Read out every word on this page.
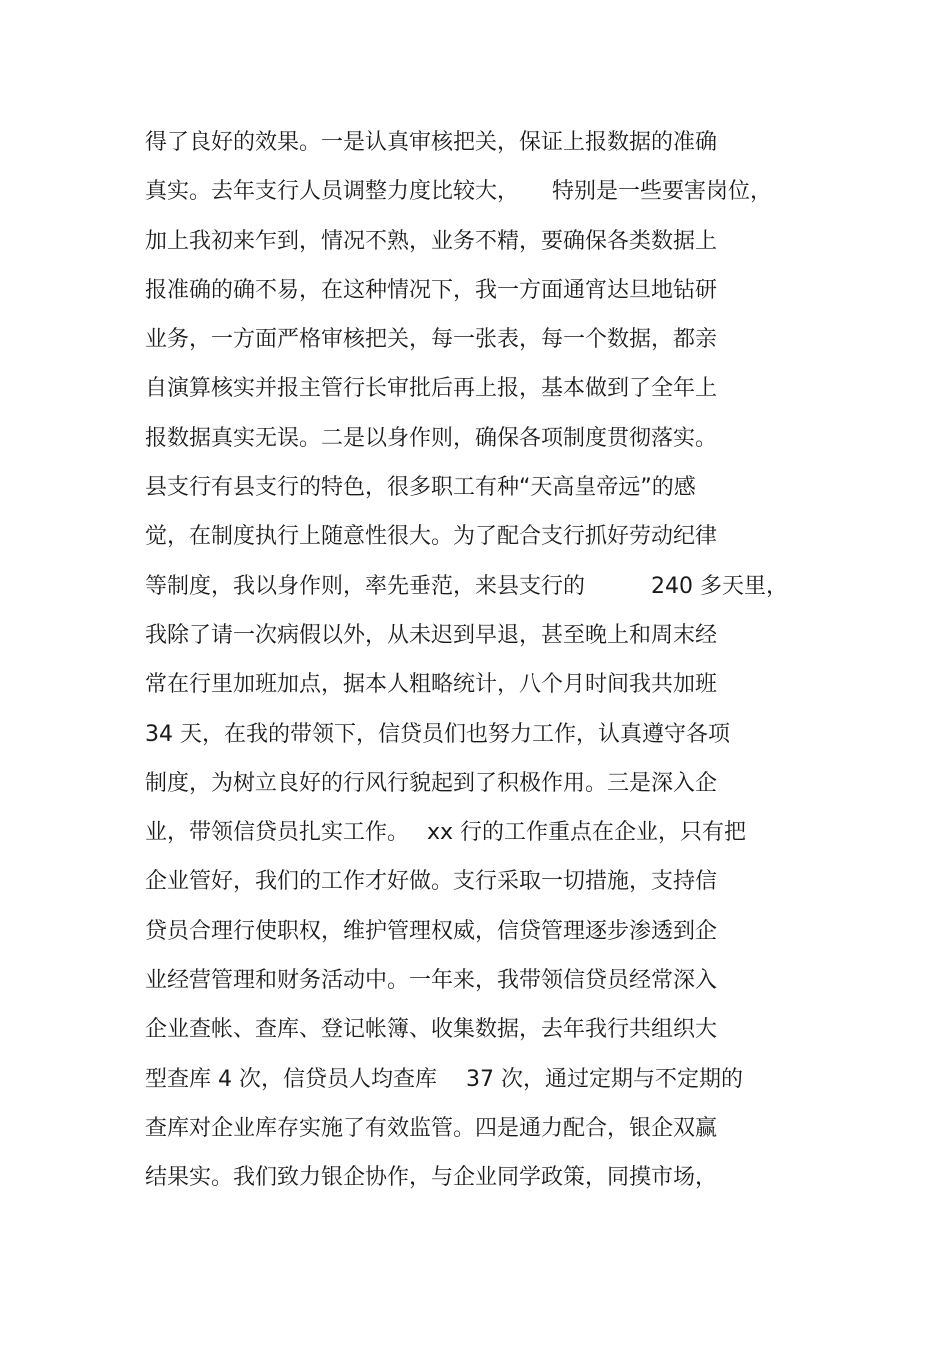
得了良好的效果。一是认真审核把关，保证上报数据的准确
真实。去年支行人员调整力度比较大，　　特别是一些要害岗位，
加上我初来乍到，情况不熟，业务不精，要确保各类数据上
报准确的确不易，在这种情况下，我一方面通宵达旦地钻研
业务，一方面严格审核把关，每一张表，每一个数据，都亲
自演算核实并报主管行长审批后再上报，基本做到了全年上
报数据真实无误。二是以身作则，确保各项制度贯彻落实。
县支行有县支行的特色，很多职工有种“天高皇帝远”的感
觉，在制度执行上随意性很大。为了配合支行抓好劳动纪律
等制度，我以身作则，率先垂范，来县支行的　　　240 多天里，
我除了请一次病假以外，从未迟到早退，甚至晚上和周末经
常在行里加班加点，据本人粗略统计，八个月时间我共加班
34 天，在我的带领下，信贷员们也努力工作，认真遵守各项
制度，为树立良好的行风行貌起到了积极作用。三是深入企
业，带领信贷员扎实工作。　 xx 行的工作重点在企业，只有把
企业管好，我们的工作才好做。支行采取一切措施，支持信
贷员合理行使职权，维护管理权威，信贷管理逐步渗透到企
业经营管理和财务活动中。一年来，我带领信贷员经常深入
企业查帐、查库、登记帐簿、收集数据，去年我行共组织大
型查库 4 次，信贷员人均查库　 37 次，通过定期与不定期的
查库对企业库存实施了有效监管。四是通力配合，银企双赢
结果实。我们致力银企协作，与企业同学政策，同摸市场，
